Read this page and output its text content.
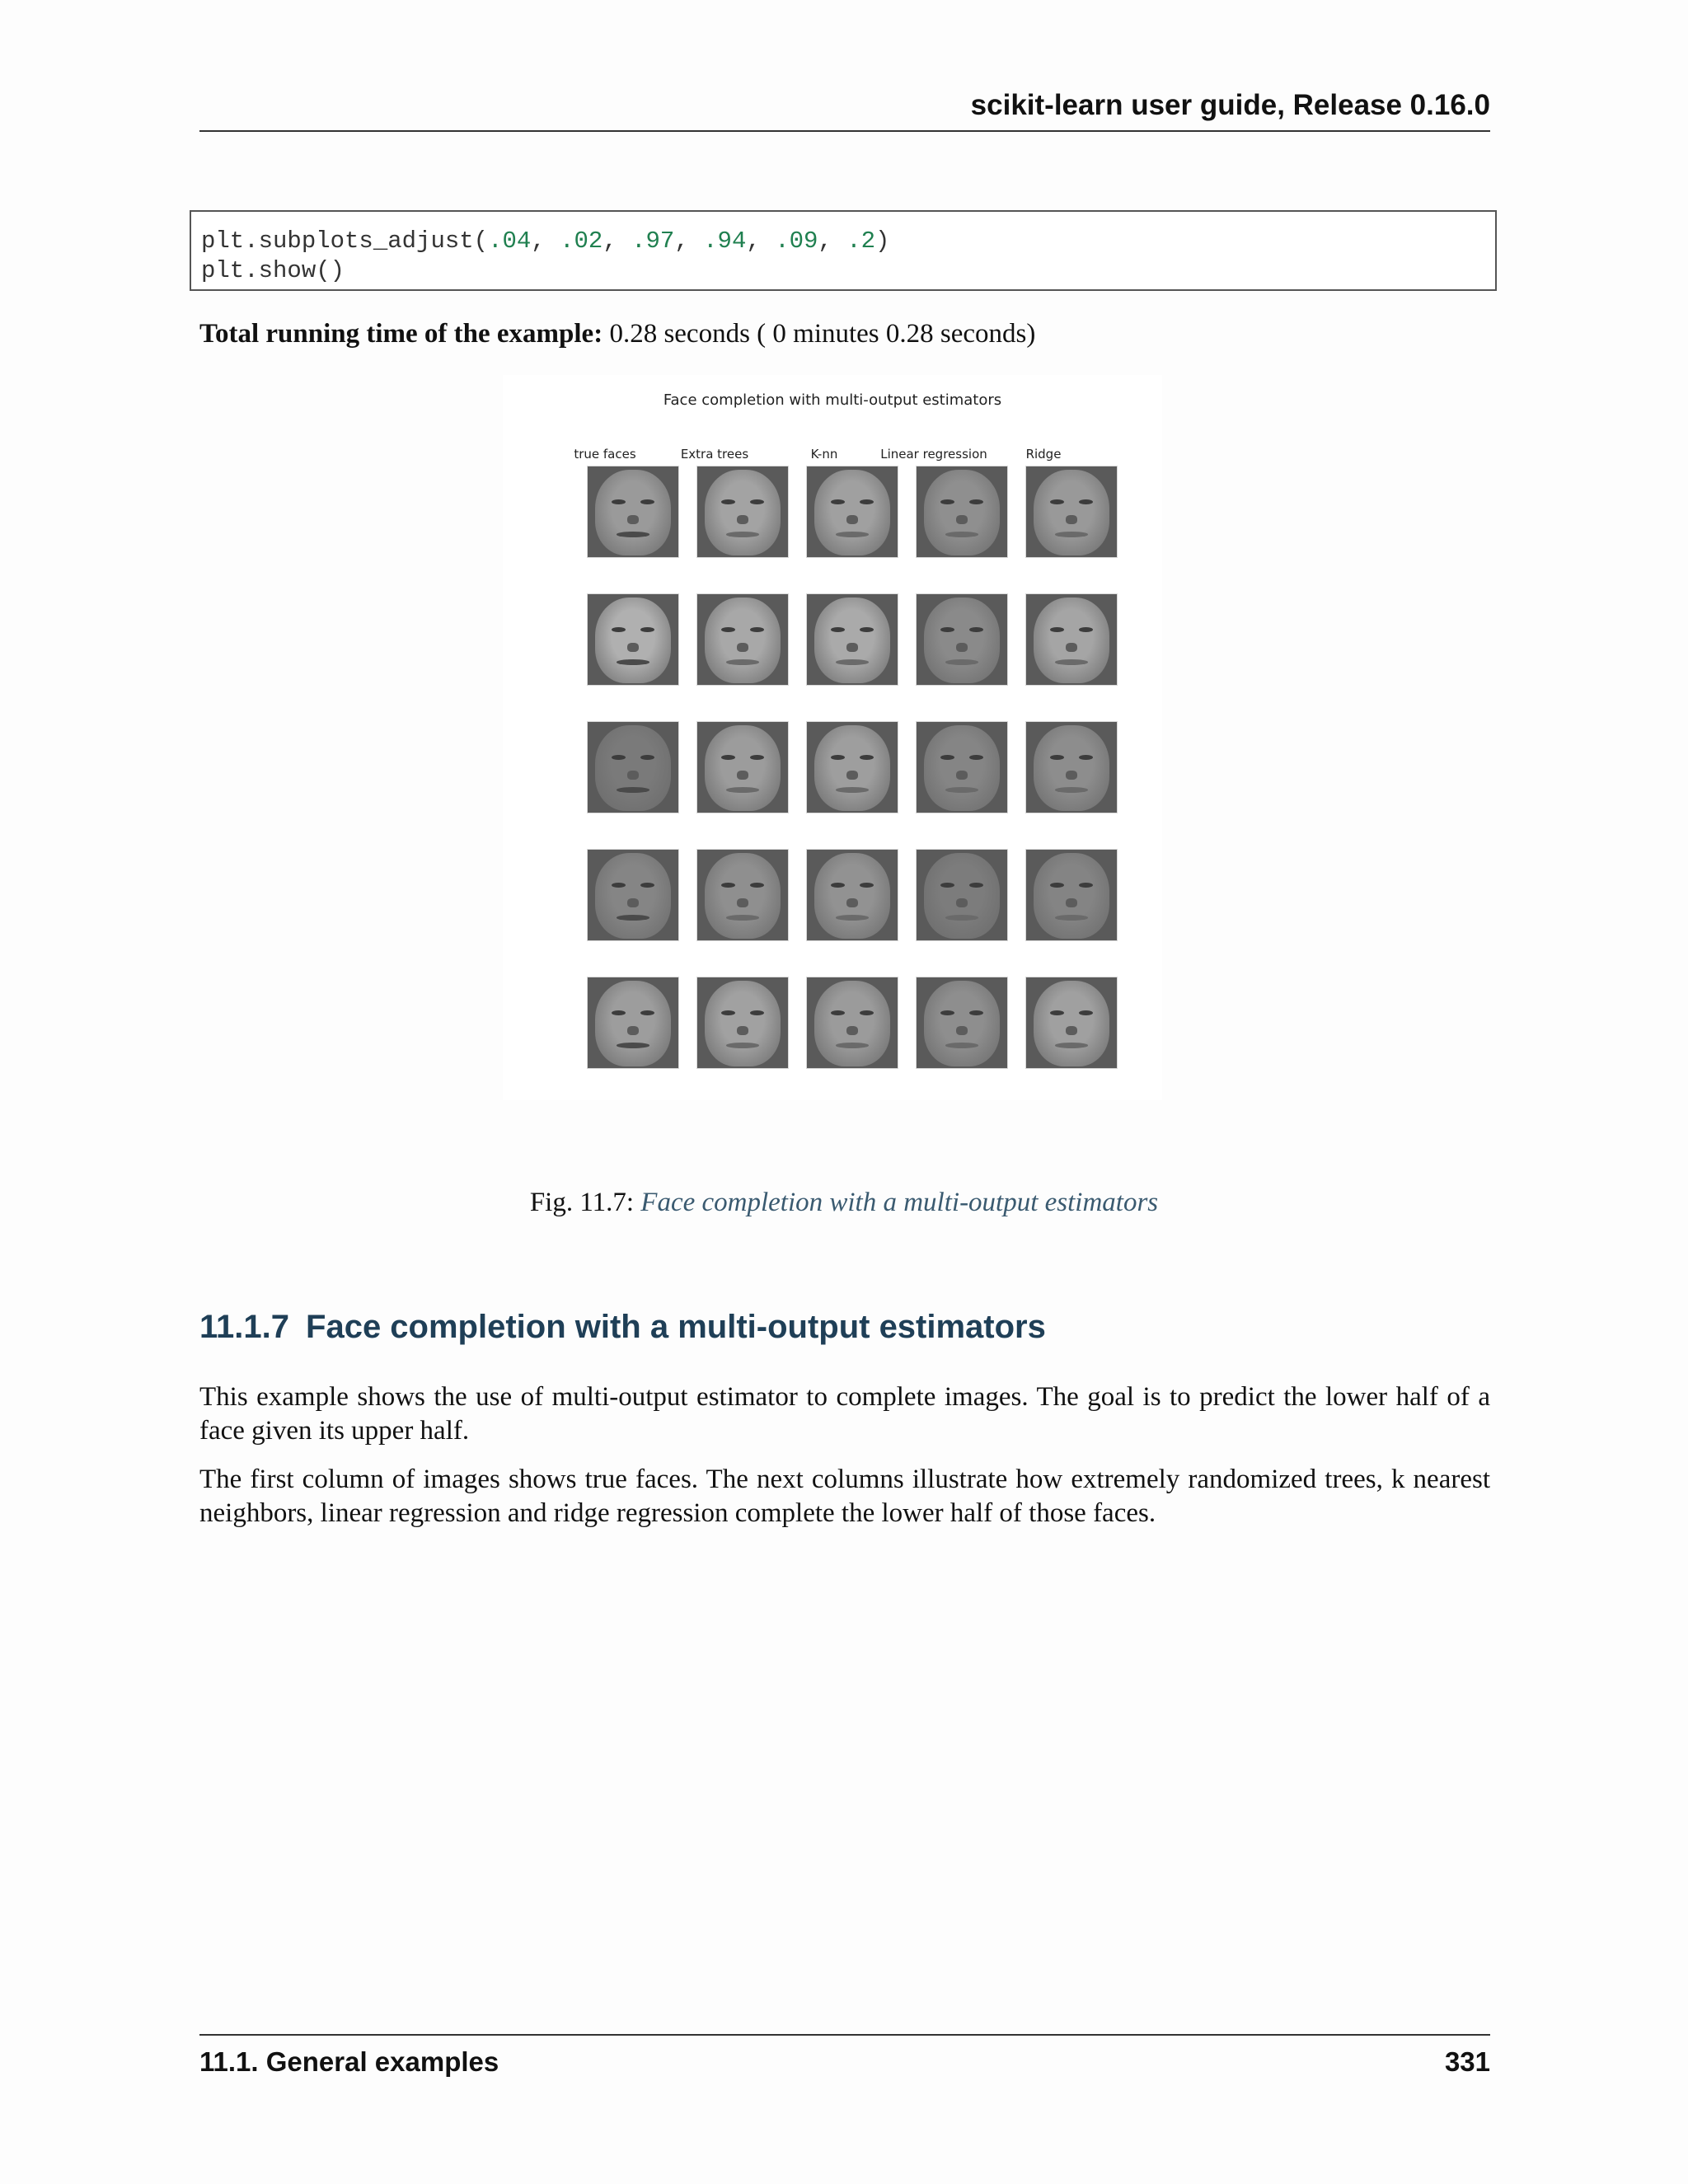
scikit-learn user guide, Release 0.16.0
plt.subplots_adjust(.04, .02, .97, .94, .09, .2)
plt.show()
Total running time of the example: 0.28 seconds ( 0 minutes 0.28 seconds)
Face completion with multi-output estimators
true faces	Extra trees	K-nn	Linear regression	Ridge
Fig. 11.7: Face completion with a multi-output estimators
11.1.7 Face completion with a multi-output estimators

This example shows the use of multi-output estimator to complete images. The goal is to predict the lower half of a face given its upper half.

The first column of images shows true faces. The next columns illustrate how extremely randomized trees, k nearest neighbors, linear regression and ridge regression complete the lower half of those faces.

11.1. General examples	331
